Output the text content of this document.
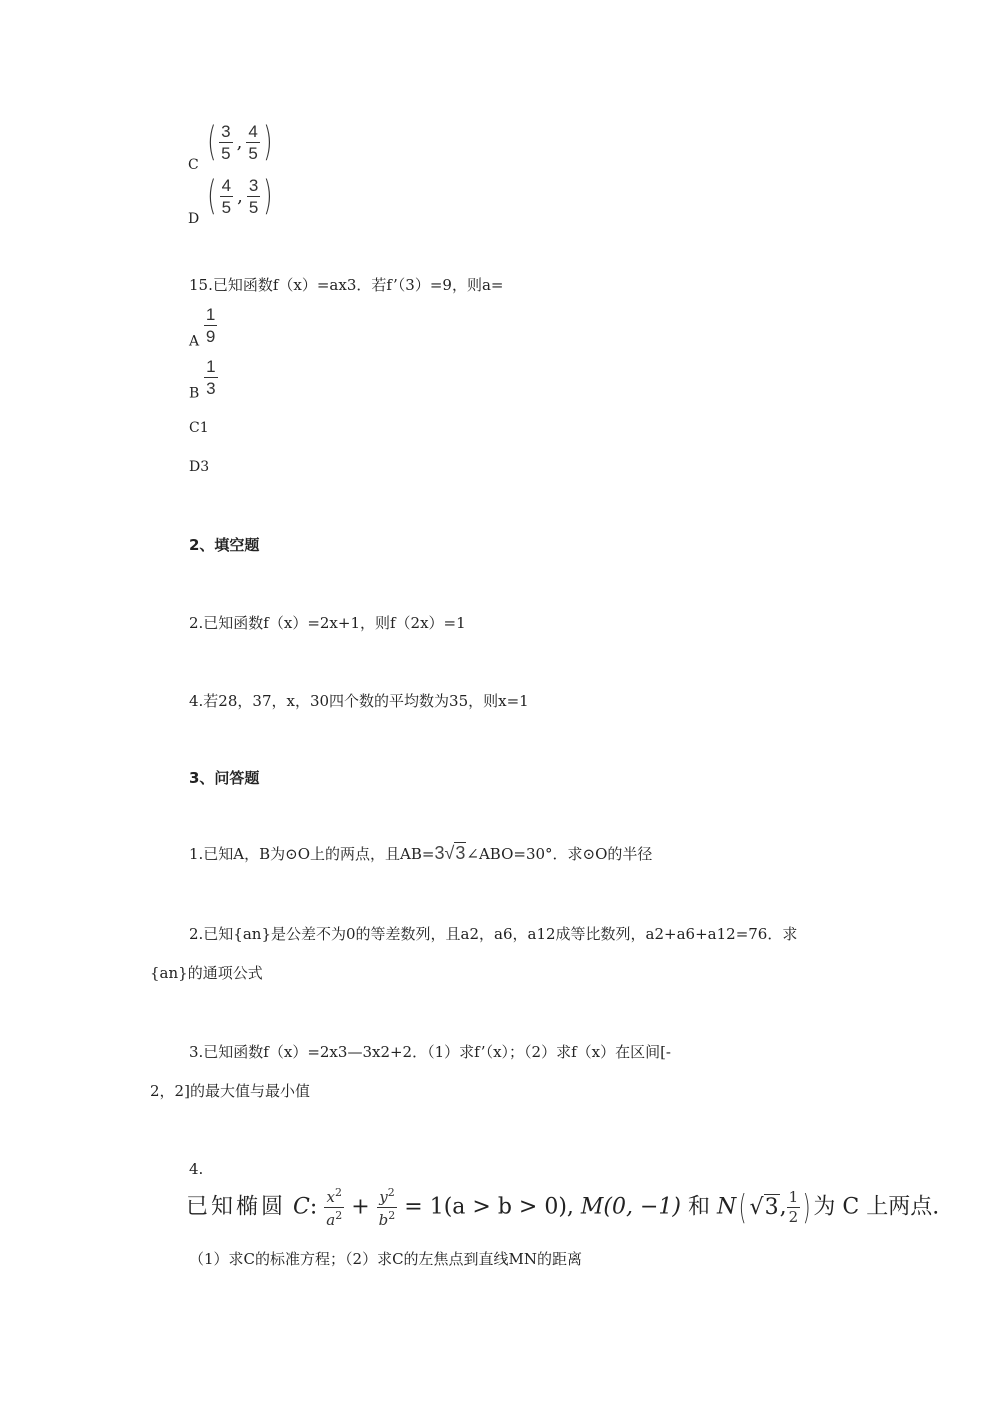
C ( $\frac{3}{5}$ , $\frac{4}{5}$ )
D ( $\frac{4}{5}$ , $\frac{3}{5}$ )
15.已知函数f（x）=ax3．若f’（3）=9，则a=
A $\frac{1}{9}$
B $\frac{1}{3}$
C1
D3
2、填空题
2.已知函数f（x）=2x+1，则f（2x）=1
4.若28，37，x，30四个数的平均数为35，则x=1
3、问答题
1.已知A，B为⊙O上的两点，且AB=3√3∠ABO=30°．求⊙O的半径
2.已知{an}是公差不为0的等差数列，且a2，a6，a12成等比数列，a2+a6+a12=76．求
{an}的通项公式
3.已知函数f（x）=2x3—3x2+2．（1）求f’（x）；（2）求f（x）在区间[-
2，2]的最大值与最小值
4.
已知椭圆 C: $\frac{x^2}{a^2} + \frac{y^2}{b^2} = 1(a > b > 0)$, M(0, −1) 和 N( √3, $\frac{1}{2}$ ) 为 C 上两点.
（1）求C的标准方程；（2）求C的左焦点到直线MN的距离
